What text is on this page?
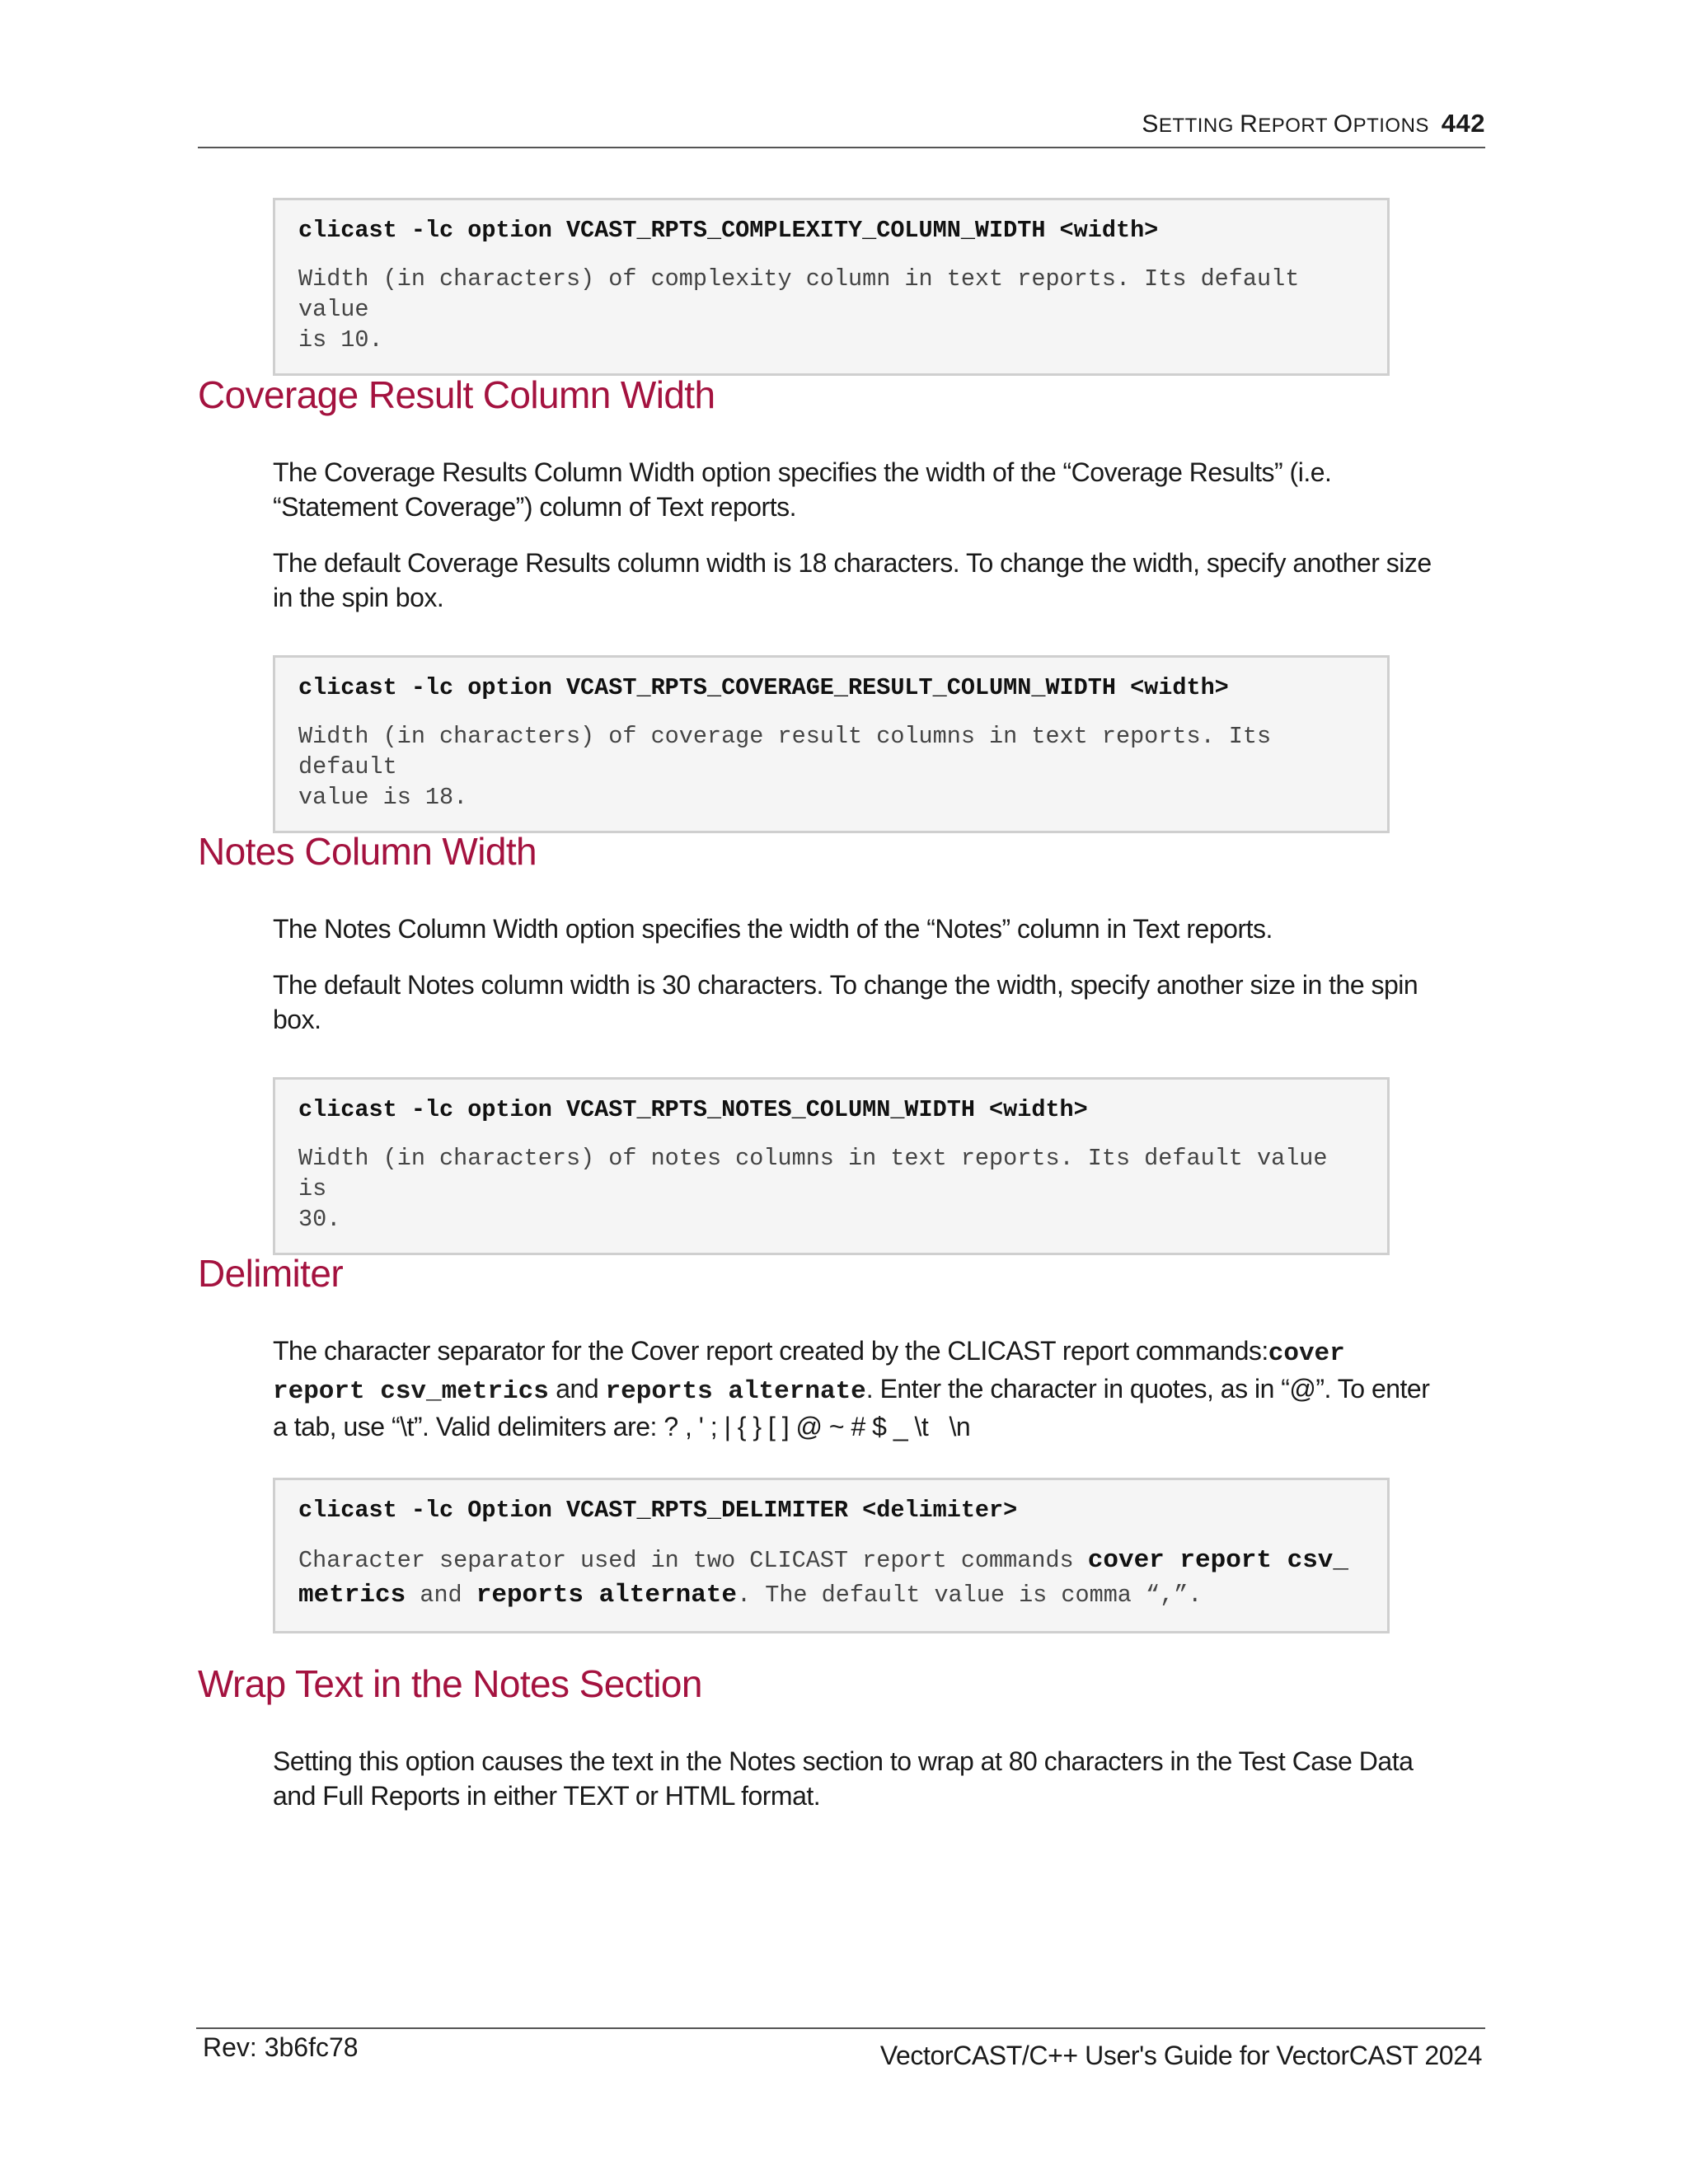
SETTING REPORT OPTIONS 442
clicast -lc option VCAST_RPTS_COMPLEXITY_COLUMN_WIDTH <width>
Width (in characters) of complexity column in text reports. Its default value
is 10.
Coverage Result Column Width
The Coverage Results Column Width option specifies the width of the “Coverage Results” (i.e.
“Statement Coverage”) column of Text reports.
The default Coverage Results column width is 18 characters. To change the width, specify another size
in the spin box.
clicast -lc option VCAST_RPTS_COVERAGE_RESULT_COLUMN_WIDTH <width>
Width (in characters) of coverage result columns in text reports. Its default
value is 18.
Notes Column Width
The Notes Column Width option specifies the width of the “Notes” column in Text reports.
The default Notes column width is 30 characters. To change the width, specify another size in the spin
box.
clicast -lc option VCAST_RPTS_NOTES_COLUMN_WIDTH <width>
Width (in characters) of notes columns in text reports. Its default value is
30.
Delimiter
The character separator for the Cover report created by the CLICAST report commands:cover
report csv_metrics and reports alternate. Enter the character in quotes, as in “@”. To enter
a tab, use “\t”. Valid delimiters are: ? , ' ; | { } [ ] @ ~ # $ _ \t   \n
clicast -lc Option VCAST_RPTS_DELIMITER <delimiter>
Character separator used in two CLICAST report commands cover report csv_
metrics and reports alternate. The default value is comma “,”.
Wrap Text in the Notes Section
Setting this option causes the text in the Notes section to wrap at 80 characters in the Test Case Data
and Full Reports in either TEXT or HTML format.
Rev: 3b6fc78	VectorCAST/C++ User's Guide for VectorCAST 2024
